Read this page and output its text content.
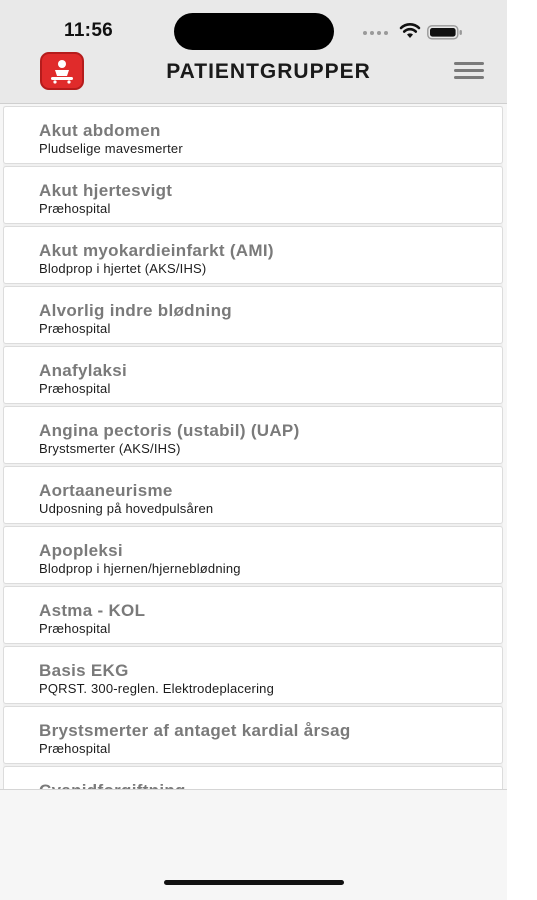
11:56
PATIENTGRUPPER
Akut abdomen
Pludselige mavesmerter
Akut hjertesvigt
Præhospital
Akut myokardieinfarkt (AMI)
Blodprop i hjertet (AKS/IHS)
Alvorlig indre blødning
Præhospital
Anafylaksi
Præhospital
Angina pectoris (ustabil) (UAP)
Brystsmerter (AKS/IHS)
Aortaaneurisme
Udposning på hovedpulsåren
Apopleksi
Blodprop i hjernen/hjerneblødning
Astma - KOL
Præhospital
Basis EKG
PQRST. 300-reglen. Elektrodeplacering
Brystsmerter af antaget kardial årsag
Præhospital
